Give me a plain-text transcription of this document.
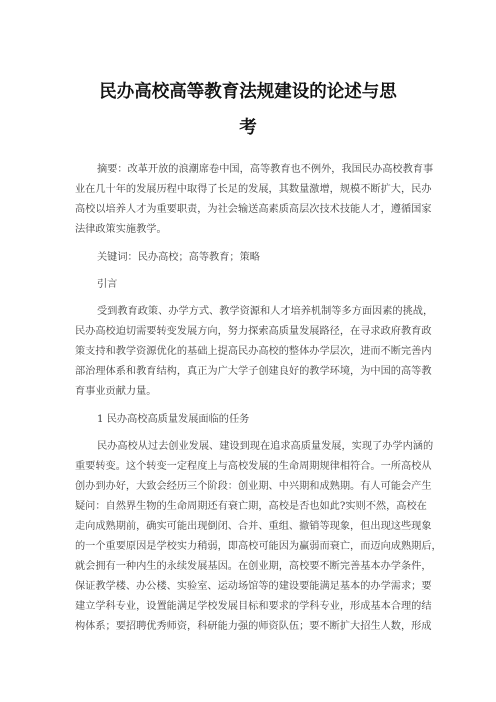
民办高校高等教育法规建设的论述与思
考

摘要：改革开放的浪潮席卷中国，高等教育也不例外，我国民办高校教育事

业在几十年的发展历程中取得了长足的发展，其数量激增，规模不断扩大，民办

高校以培养人才为重要职责，为社会输送高素质高层次技术技能人才，遵循国家

法律政策实施教学。

关键词：民办高校；高等教育；策略

引言

受到教育政策、办学方式、教学资源和人才培养机制等多方面因素的挑战，

民办高校迫切需要转变发展方向，努力探索高质量发展路径，在寻求政府教育政

策支持和教学资源优化的基础上提高民办高校的整体办学层次，进而不断完善内

部治理体系和教育结构，真正为广大学子创建良好的教学环境，为中国的高等教

育事业贡献力量。

1 民办高校高质量发展面临的任务

民办高校从过去创业发展、建设到现在追求高质量发展，实现了办学内涵的

重要转变。这个转变一定程度上与高校发展的生命周期规律相符合。一所高校从

创办到办好，大致会经历三个阶段：创业期、中兴期和成熟期。有人可能会产生

疑问：自然界生物的生命周期还有衰亡期，高校是否也如此?实则不然，高校在

走向成熟期前，确实可能出现倒闭、合并、重组、撤销等现象，但出现这些现象

的一个重要原因是学校实力稍弱，即高校可能因为赢弱而衰亡，而迈向成熟期后，

就会拥有一种内生的永续发展基因。在创业期，高校要不断完善基本办学条件，

保证教学楼、办公楼、实验室、运动场馆等的建设要能满足基本的办学需求；要

建立学科专业，设置能满足学校发展目标和要求的学科专业，形成基本合理的结

构体系；要招聘优秀师资，科研能力强的师资队伍；要不断扩大招生人数，形成
